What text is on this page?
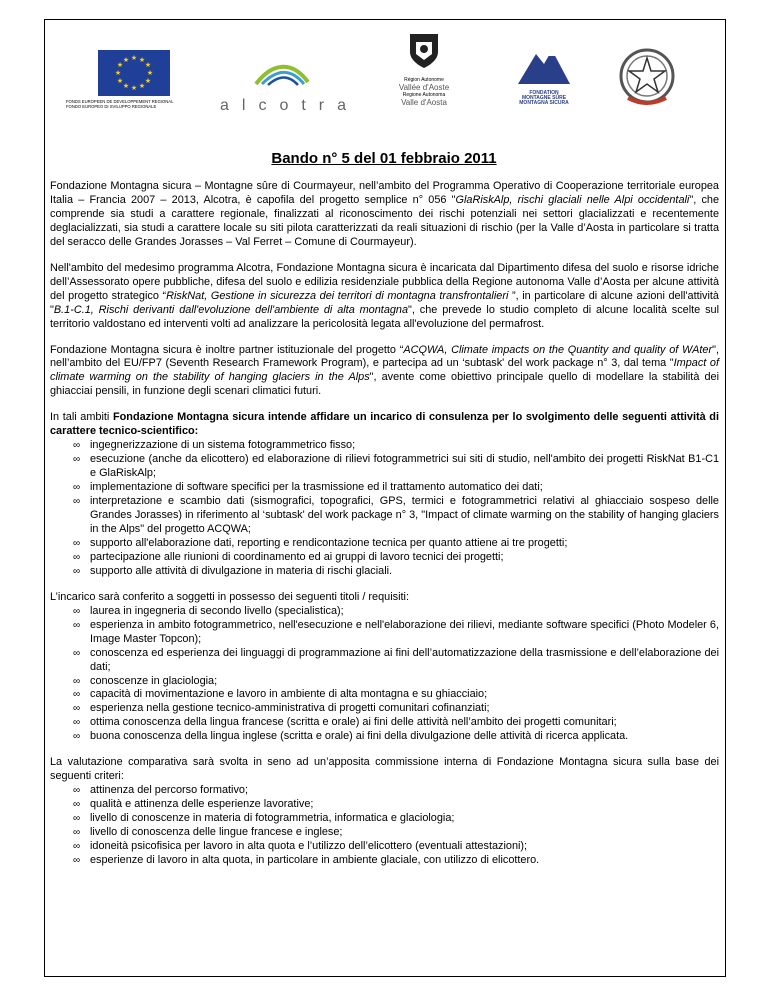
★ ★
★
★
★
★
★
★
★
★
★
★
FONDS EUROPEEN DE DEVELOPPEMENT REGIONAL
FONDO EUROPEO DI SVILUPPO REGIONALE	alcotra
Région Autonome
Vallée d'Aoste
Regione Autonoma
Valle d'Aosta
FONDATION
MONTAGNE SÛRE
MONTAGNA SICURA
Bando n° 5 del 01 febbraio 2011

Fondazione Montagna sicura – Montagne sûre di Courmayeur, nell’ambito del Programma Operativo di Cooperazione territoriale europea Italia – Francia 2007 – 2013, Alcotra, è capofila del progetto semplice n° 056 "GlaRiskAlp, rischi glaciali nelle Alpi occidentali", che comprende sia studi a carattere regionale, finalizzati al riconoscimento dei rischi potenziali nei settori glacializzati e recentemente deglacializzati, sia studi a carattere locale su siti pilota caratterizzati da reali situazioni di rischio (per la Valle d’Aosta in particolare si tratta del seracco delle Grandes Jorasses – Val Ferret – Comune di Courmayeur).

Nell'ambito del medesimo programma Alcotra, Fondazione Montagna sicura è incaricata dal Dipartimento difesa del suolo e risorse idriche dell’Assessorato opere pubbliche, difesa del suolo e edilizia residenziale pubblica della Regione autonoma Valle d’Aosta per alcune attività del progetto strategico “RiskNat, Gestione in sicurezza dei territori di montagna transfrontalieri ”, in particolare di alcune azioni dell'attività "B.1-C.1, Rischi derivanti dall'evoluzione dell'ambiente di alta montagna", che prevede lo studio completo di alcune località scelte sul territorio valdostano ed interventi volti ad analizzare la pericolosità legata all'evoluzione del permafrost.

Fondazione Montagna sicura è inoltre partner istituzionale del progetto “ACQWA, Climate impacts on the Quantity and quality of WAter", nell’ambito del EU/FP7 (Seventh Research Framework Program), e partecipa ad un ‘subtask' del work package n° 3, dal tema "Impact of climate warming on the stability of hanging glaciers in the Alps", avente come obiettivo principale quello di modellare la stabilità dei ghiacciai pensili, in funzione degli scenari climatici futuri.

In tali ambiti Fondazione Montagna sicura intende affidare un incarico di consulenza per lo svolgimento delle seguenti attività di carattere tecnico-scientifico:

∞ ingegnerizzazione di un sistema fotogrammetrico fisso;
∞ esecuzione (anche da elicottero) ed elaborazione di rilievi fotogrammetrici sui siti di studio, nell'ambito dei progetti RiskNat B1-C1 e GlaRiskAlp;
∞ implementazione di software specifici per la trasmissione ed il trattamento automatico dei dati;
∞ interpretazione e scambio dati (sismografici, topografici, GPS, termici e fotogrammetrici relativi al ghiacciaio sospeso delle Grandes Jorasses) in riferimento al ‘subtask' del work package n° 3, "Impact of climate warming on the stability of hanging glaciers in the Alps" del progetto ACQWA;
∞ supporto all'elaborazione dati, reporting e rendicontazione tecnica per quanto attiene ai tre progetti;
∞ partecipazione alle riunioni di coordinamento ed ai gruppi di lavoro tecnici dei progetti;
∞ supporto alle attività di divulgazione in materia di rischi glaciali.

L’incarico sarà conferito a soggetti in possesso dei seguenti titoli / requisiti:

∞ laurea in ingegneria di secondo livello (specialistica);
∞ esperienza in ambito fotogrammetrico, nell'esecuzione e nell'elaborazione dei rilievi, mediante software specifici (Photo Modeler 6, Image Master Topcon);
∞ conoscenza ed esperienza dei linguaggi di programmazione ai fini dell’automatizzazione della trasmissione e dell’elaborazione dei dati;
∞ conoscenze in glaciologia;
∞ capacità di movimentazione e lavoro in ambiente di alta montagna e su ghiacciaio;
∞ esperienza nella gestione tecnico-amministrativa di progetti comunitari cofinanziati;
∞ ottima conoscenza della lingua francese (scritta e orale) ai fini delle attività nell’ambito dei progetti comunitari;
∞ buona conoscenza della lingua inglese (scritta e orale) ai fini della divulgazione delle attività di ricerca applicata.

La valutazione comparativa sarà svolta in seno ad un’apposita commissione interna di Fondazione Montagna sicura sulla base dei seguenti criteri:

∞ attinenza del percorso formativo;
∞ qualità e attinenza delle esperienze lavorative;
∞ livello di conoscenze in materia di fotogrammetria, informatica e glaciologia;
∞ livello di conoscenza delle lingue francese e inglese;
∞ idoneità psicofisica per lavoro in alta quota e l’utilizzo dell’elicottero (eventuali attestazioni);
∞ esperienze di lavoro in alta quota, in particolare in ambiente glaciale, con utilizzo di elicottero.
